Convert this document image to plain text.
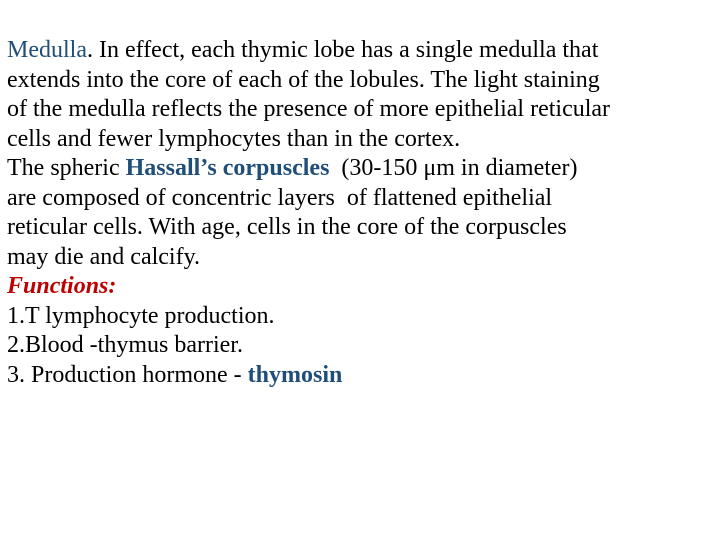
Medulla. In effect, each thymic lobe has a single medulla that
extends into the core of each of the lobules. The light staining
of the medulla reflects the presence of more epithelial reticular
cells and fewer lymphocytes than in the cortex.
The spheric Hassall’s corpuscles  (30-150 μm in diameter)
are composed of concentric layers  of flattened epithelial
reticular cells. With age, cells in the core of the corpuscles
may die and calcify.
Functions:
1.T lymphocyte production.
2.Blood -thymus barrier.
3. Production hormone - thymosin
